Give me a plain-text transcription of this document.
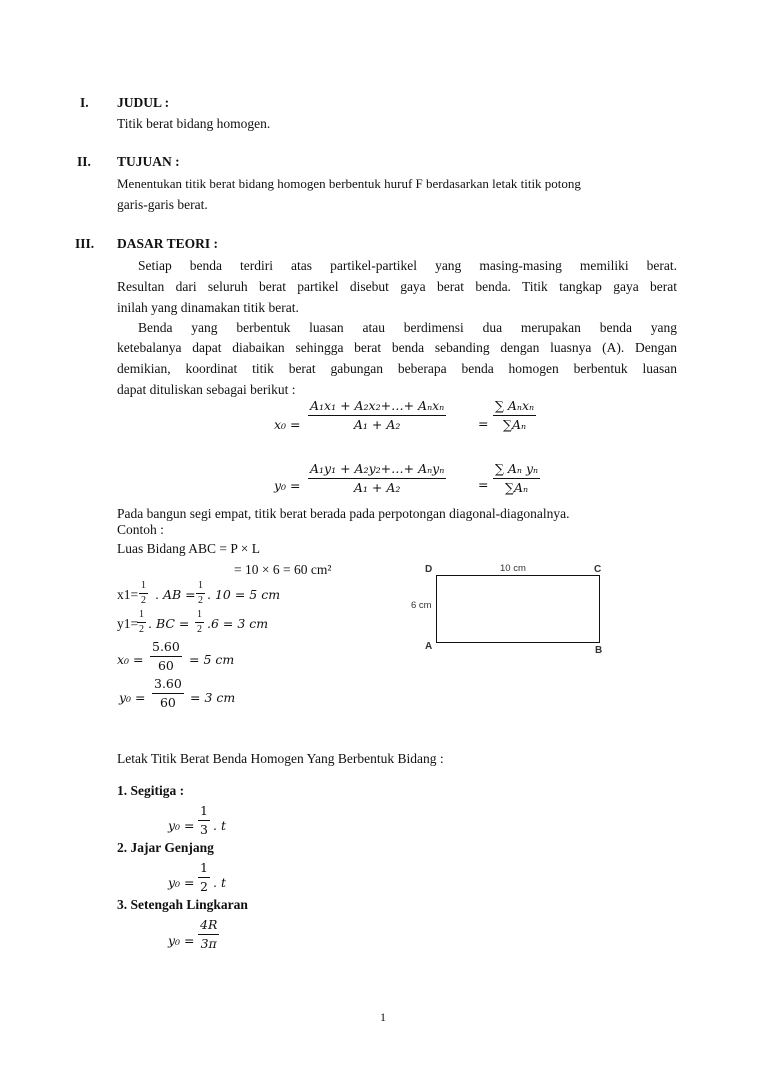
I. JUDUL :
Titik berat bidang homogen.
II. TUJUAN :
Menentukan titik berat bidang homogen berbentuk huruf F berdasarkan letak titik potong
garis-garis berat.
III. DASAR TEORI :
Setiap benda terdiri atas partikel-partikel yang masing-masing memiliki berat.
Resultan dari seluruh berat partikel disebut gaya berat benda. Titik tangkap gaya berat
inilah yang dinamakan titik berat.
Benda yang berbentuk luasan atau berdimensi dua merupakan benda yang
ketebalanya dapat diabaikan sehingga berat benda sebanding dengan luasnya (A). Dengan
demikian, koordinat titik berat gabungan beberapa benda homogen berbentuk luasan
dapat dituliskan sebagai berikut :
x₀ =
A₁x₁ + A₂x₂+…+ Aₙxₙ
A₁ + A₂	=
∑ Aₙxₙ
∑Aₙ
y₀ =
A₁y₁ + A₂y₂+…+ Aₙyₙ
A₁ + A₂	= $\frac{\text{∑ Aₙ yₙ}}{\text{∑Aₙ}}$
Pada bangun segi empat, titik berat berada pada perpotongan diagonal-diagonalnya.
Contoh :
Luas Bidang ABC = P × L
= 10 × 6 = 60 cm²
$x1= \frac{1}{2}$ . AB = $\frac{1}{2}$ . 10 = 5 cm
y1=
$\frac{1}{2}$ . BC = $\frac{1}{2} .6 = 3$ cm
$x_0 = \frac{5.60}{60} = 5$ cm
$y_0 = \frac{3.60}{60} = 3$ cm
D	C
A	B
10 cm
6 cm
Letak Titik Berat Benda Homogen Yang Berbentuk Bidang :
1. Segitiga :
$y_0 = \frac{1}{3}$ . t
2. Jajar Genjang
$y_0 = \frac{1}{2}$ . t
3. Setengah Lingkaran
$y_0 = \frac{4R}{3\pi}$
1
